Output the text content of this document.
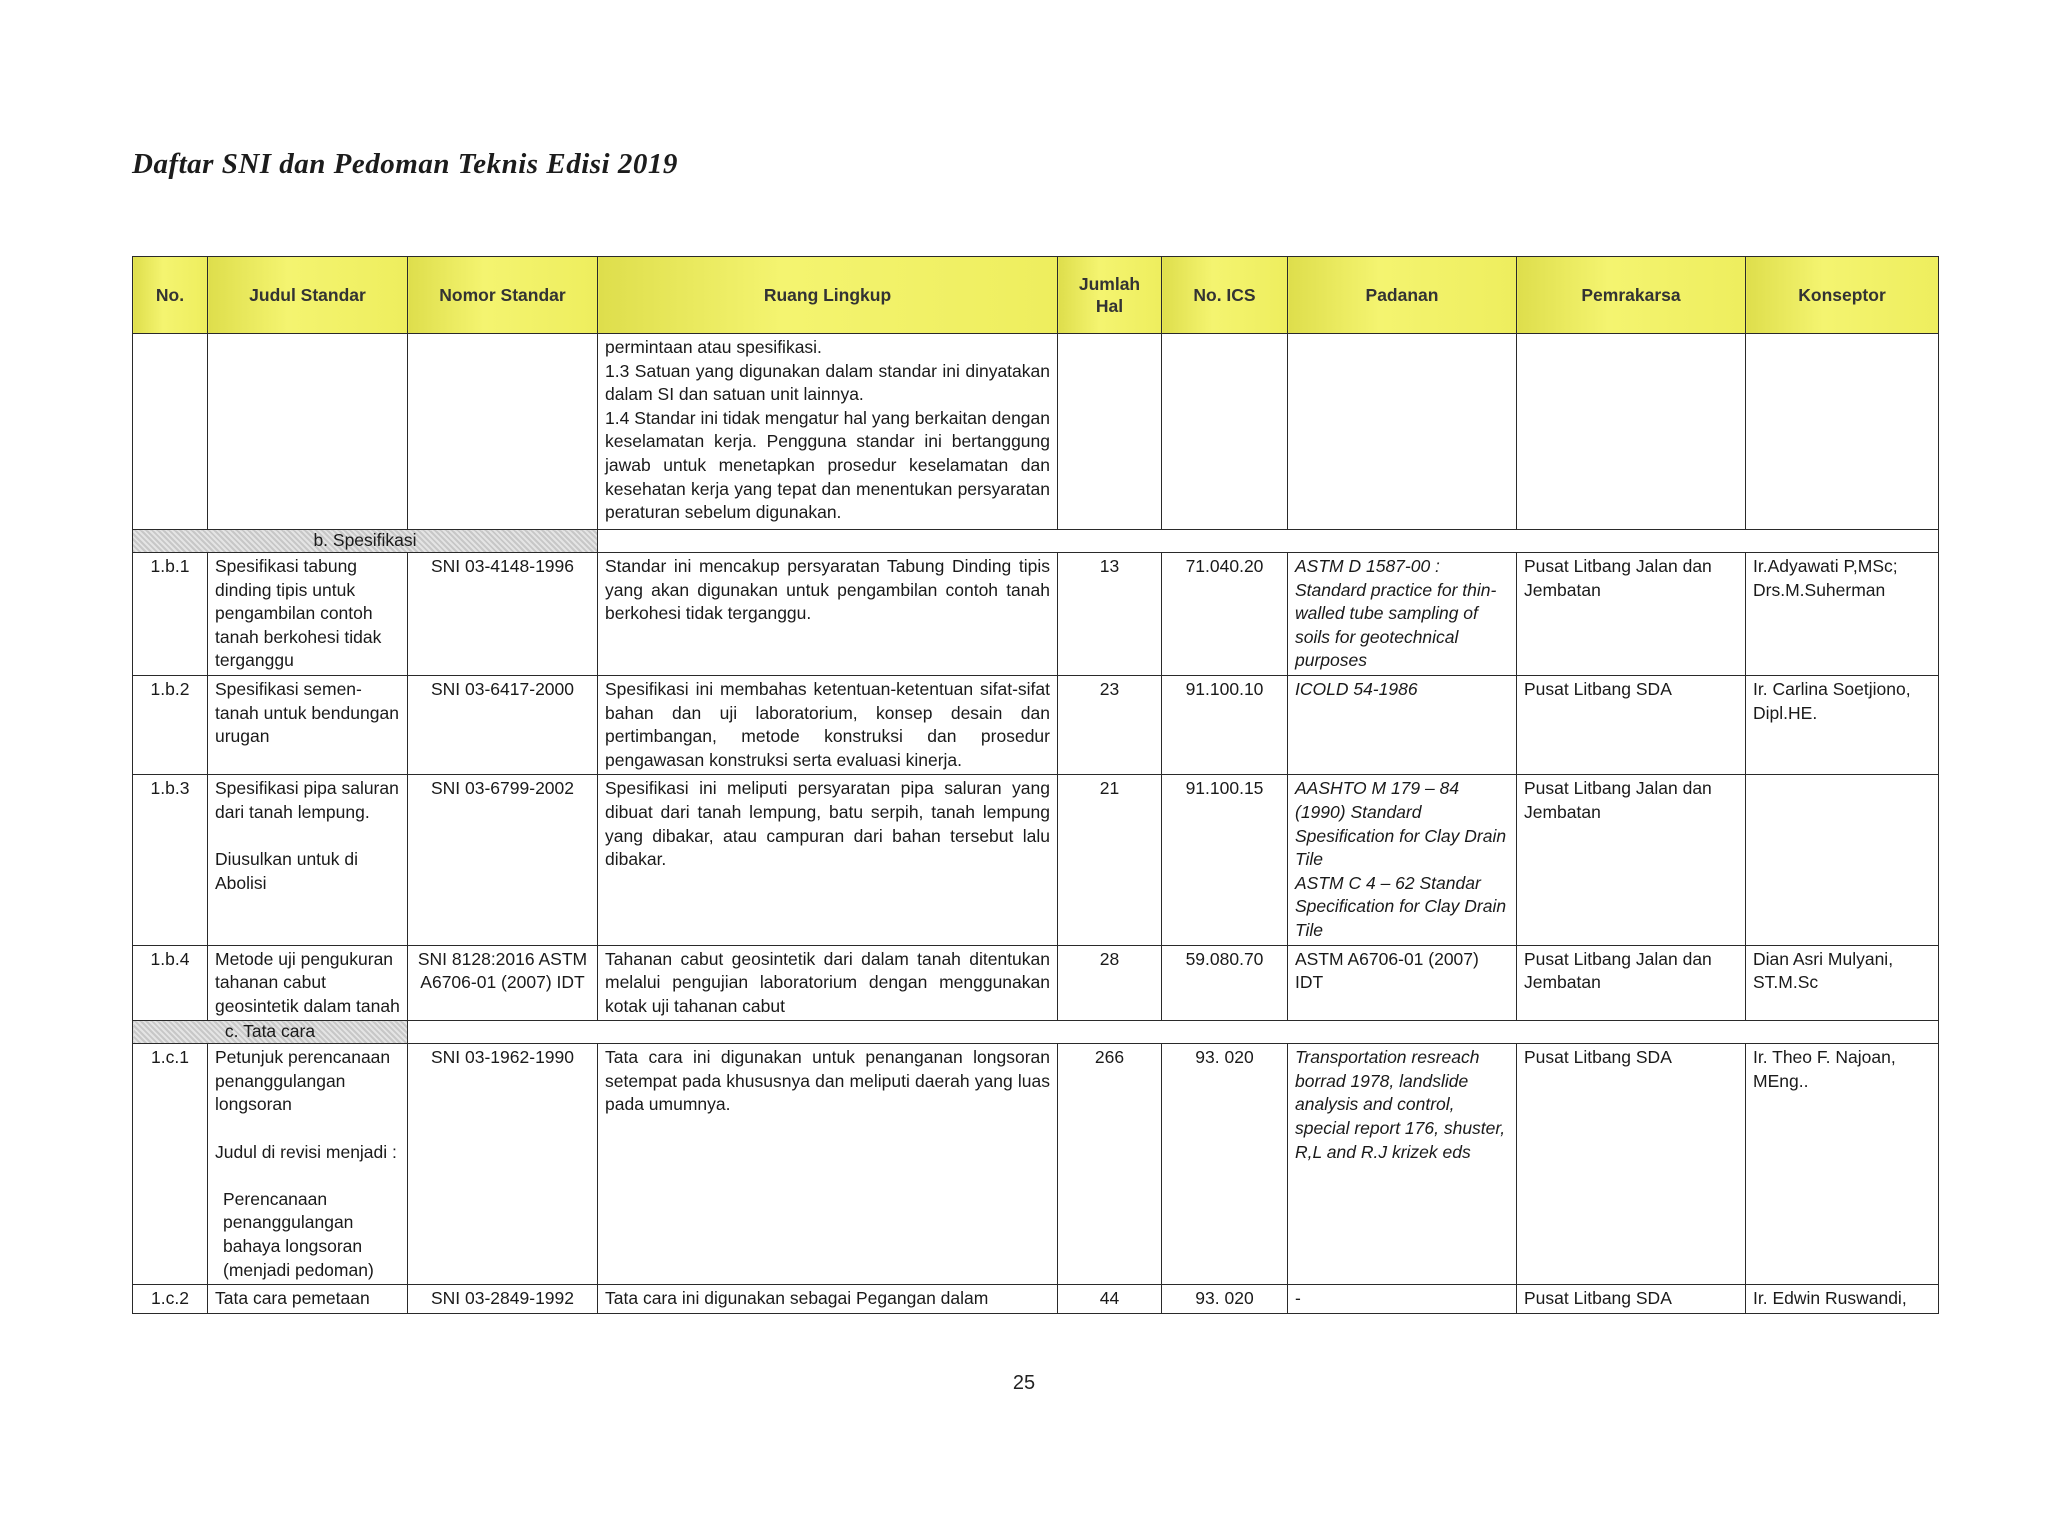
Daftar SNI dan Pedoman Teknis Edisi 2019
No.	Judul Standar	Nomor Standar	Ruang Lingkup	Jumlah Hal	No. ICS	Padanan	Pemrakarsa	Konseptor
			permintaan atau spesifikasi.
1.3 Satuan yang digunakan dalam standar ini dinyatakan dalam SI dan satuan unit lainnya.
1.4 Standar ini tidak mengatur hal yang berkaitan dengan keselamatan kerja. Pengguna standar ini bertanggung jawab untuk menetapkan prosedur keselamatan dan kesehatan kerja yang tepat dan menentukan persyaratan peraturan sebelum digunakan.					
b. Spesifikasi								
1.b.1	Spesifikasi tabung dinding tipis untuk pengambilan contoh tanah berkohesi tidak terganggu	SNI 03-4148-1996	Standar ini mencakup persyaratan Tabung Dinding tipis yang akan digunakan untuk pengambilan contoh tanah berkohesi tidak terganggu.	13	71.040.20	ASTM D 1587-00 : Standard practice for thin-walled tube sampling of soils for geotechnical purposes	Pusat Litbang Jalan dan Jembatan	Ir.Adyawati P,MSc; Drs.M.Suherman
1.b.2	Spesifikasi semen-tanah untuk bendungan urugan	SNI 03-6417-2000	Spesifikasi ini membahas ketentuan-ketentuan sifat-sifat bahan dan uji laboratorium, konsep desain dan pertimbangan, metode konstruksi dan prosedur pengawasan konstruksi serta evaluasi kinerja.	23	91.100.10	ICOLD 54-1986	Pusat Litbang SDA	Ir. Carlina Soetjiono, Dipl.HE.
1.b.3	Spesifikasi pipa saluran dari tanah lempung.
Diusulkan untuk di Abolisi	SNI 03-6799-2002	Spesifikasi ini meliputi persyaratan pipa saluran yang dibuat dari tanah lempung, batu serpih, tanah lempung yang dibakar, atau campuran dari bahan tersebut lalu dibakar.	21	91.100.15	AASHTO M 179 – 84 (1990) Standard Spesification for Clay Drain Tile
ASTM C 4 – 62 Standar Specification for Clay Drain Tile	Pusat Litbang Jalan dan Jembatan	
1.b.4	Metode uji pengukuran tahanan cabut geosintetik dalam tanah	SNI 8128:2016 ASTM A6706-01 (2007) IDT	Tahanan cabut geosintetik dari dalam tanah ditentukan melalui pengujian laboratorium dengan menggunakan kotak uji tahanan cabut	28	59.080.70	ASTM A6706-01 (2007) IDT	Pusat Litbang Jalan dan Jembatan	Dian Asri Mulyani, ST.M.Sc
c. Tata cara								
1.c.1	Petunjuk perencanaan penanggulangan longsoran
Judul di revisi menjadi :
Perencanaan penanggulangan bahaya longsoran (menjadi pedoman)	SNI 03-1962-1990	Tata cara ini digunakan untuk penanganan longsoran setempat pada khususnya dan meliputi daerah yang luas pada umumnya.	266	93. 020	Transportation resreach borrad 1978, landslide analysis and control, special report 176, shuster, R,L and R.J krizek eds	Pusat Litbang SDA	Ir. Theo F. Najoan, MEng..
1.c.2	Tata cara pemetaan	SNI 03-2849-1992	Tata cara ini digunakan sebagai Pegangan dalam	44	93. 020	-	Pusat Litbang SDA	Ir. Edwin Ruswandi,
25
